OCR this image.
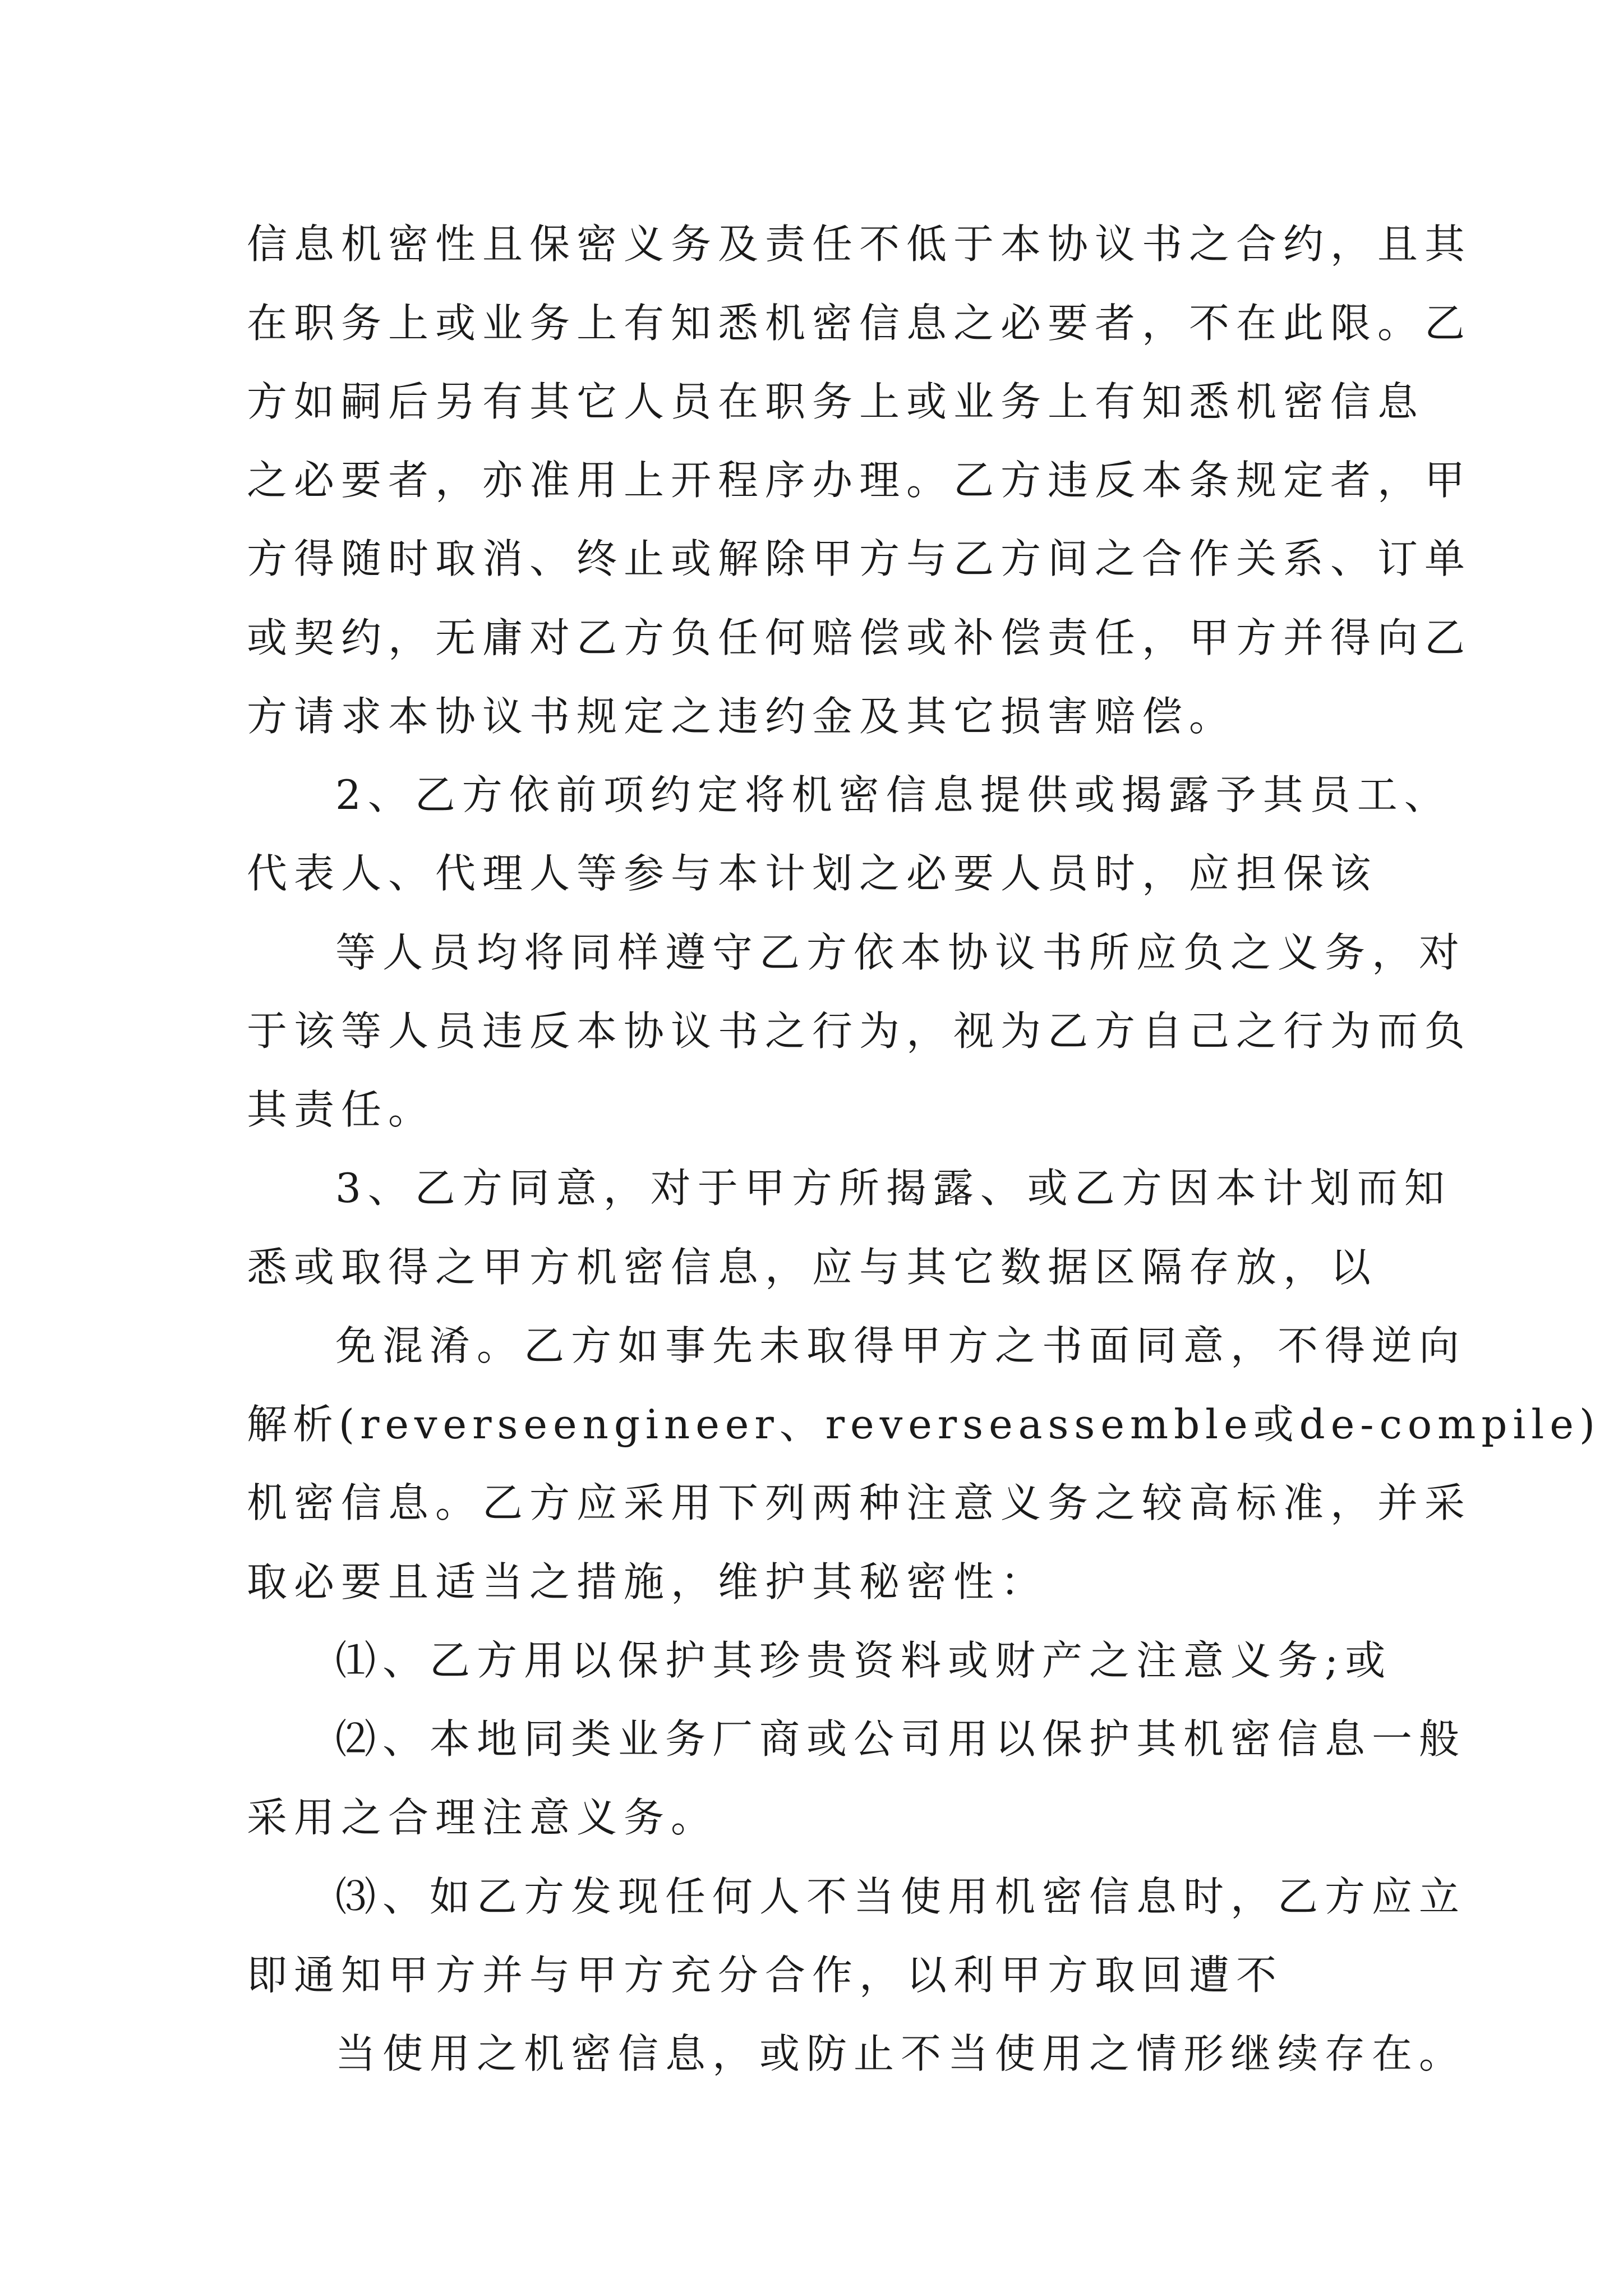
信息机密性且保密义务及责任不低于本协议书之合约，且其
在职务上或业务上有知悉机密信息之必要者，不在此限。乙
方如嗣后另有其它人员在职务上或业务上有知悉机密信息
之必要者，亦准用上开程序办理。乙方违反本条规定者，甲
方得随时取消、终止或解除甲方与乙方间之合作关系、订单
或契约，无庸对乙方负任何赔偿或补偿责任，甲方并得向乙
方请求本协议书规定之违约金及其它损害赔偿。
2、乙方依前项约定将机密信息提供或揭露予其员工、
代表人、代理人等参与本计划之必要人员时，应担保该
等人员均将同样遵守乙方依本协议书所应负之义务，对
于该等人员违反本协议书之行为，视为乙方自己之行为而负
其责任。
3、乙方同意，对于甲方所揭露、或乙方因本计划而知
悉或取得之甲方机密信息，应与其它数据区隔存放，以
免混淆。乙方如事先未取得甲方之书面同意，不得逆向
解析(reverseengineer、reverseassemble或de-compile)
机密信息。乙方应采用下列两种注意义务之较高标准，并采
取必要且适当之措施，维护其秘密性：
⑴、乙方用以保护其珍贵资料或财产之注意义务;或
⑵、本地同类业务厂商或公司用以保护其机密信息一般
采用之合理注意义务。
⑶、如乙方发现任何人不当使用机密信息时，乙方应立
即通知甲方并与甲方充分合作，以利甲方取回遭不
当使用之机密信息，或防止不当使用之情形继续存在。
